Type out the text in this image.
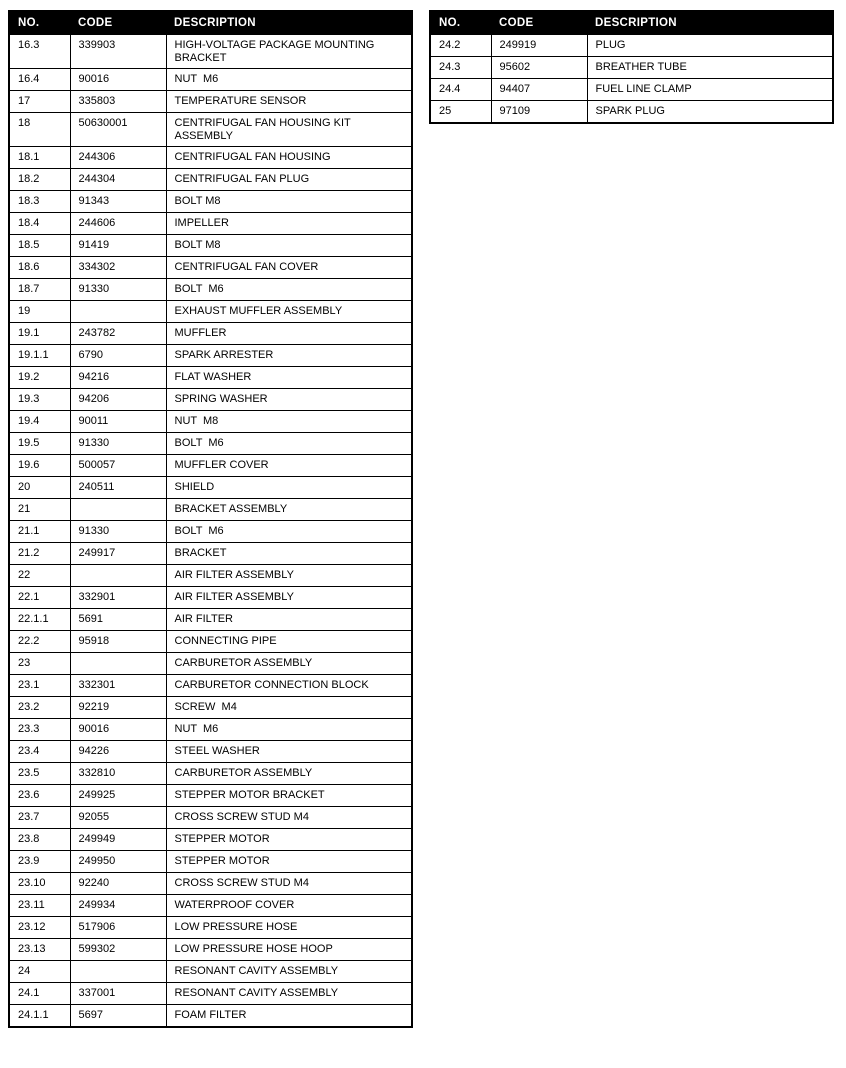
NO.	CODE	DESCRIPTION
16.3	339903	HIGH-VOLTAGE PACKAGE MOUNTING BRACKET
16.4	90016	NUT  M6
17	335803	TEMPERATURE SENSOR
18	50630001	CENTRIFUGAL FAN HOUSING KIT ASSEMBLY
18.1	244306	CENTRIFUGAL FAN HOUSING
18.2	244304	CENTRIFUGAL FAN PLUG
18.3	91343	BOLT M8
18.4	244606	IMPELLER
18.5	91419	BOLT M8
18.6	334302	CENTRIFUGAL FAN COVER
18.7	91330	BOLT  M6
19		EXHAUST MUFFLER ASSEMBLY
19.1	243782	MUFFLER
19.1.1	6790	SPARK ARRESTER
19.2	94216	FLAT WASHER
19.3	94206	SPRING WASHER
19.4	90011	NUT  M8
19.5	91330	BOLT  M6
19.6	500057	MUFFLER COVER
20	240511	SHIELD
21		BRACKET ASSEMBLY
21.1	91330	BOLT  M6
21.2	249917	BRACKET
22		AIR FILTER ASSEMBLY
22.1	332901	AIR FILTER ASSEMBLY
22.1.1	5691	AIR FILTER
22.2	95918	CONNECTING PIPE
23		CARBURETOR ASSEMBLY
23.1	332301	CARBURETOR CONNECTION BLOCK
23.2	92219	SCREW  M4
23.3	90016	NUT  M6
23.4	94226	STEEL WASHER
23.5	332810	CARBURETOR ASSEMBLY
23.6	249925	STEPPER MOTOR BRACKET
23.7	92055	CROSS SCREW STUD M4
23.8	249949	STEPPER MOTOR
23.9	249950	STEPPER MOTOR
23.10	92240	CROSS SCREW STUD M4
23.11	249934	WATERPROOF COVER
23.12	517906	LOW PRESSURE HOSE
23.13	599302	LOW PRESSURE HOSE HOOP
24		RESONANT CAVITY ASSEMBLY
24.1	337001	RESONANT CAVITY ASSEMBLY
24.1.1	5697	FOAM FILTER
NO.	CODE	DESCRIPTION
24.2	249919	PLUG
24.3	95602	BREATHER TUBE
24.4	94407	FUEL LINE CLAMP
25	97109	SPARK PLUG
